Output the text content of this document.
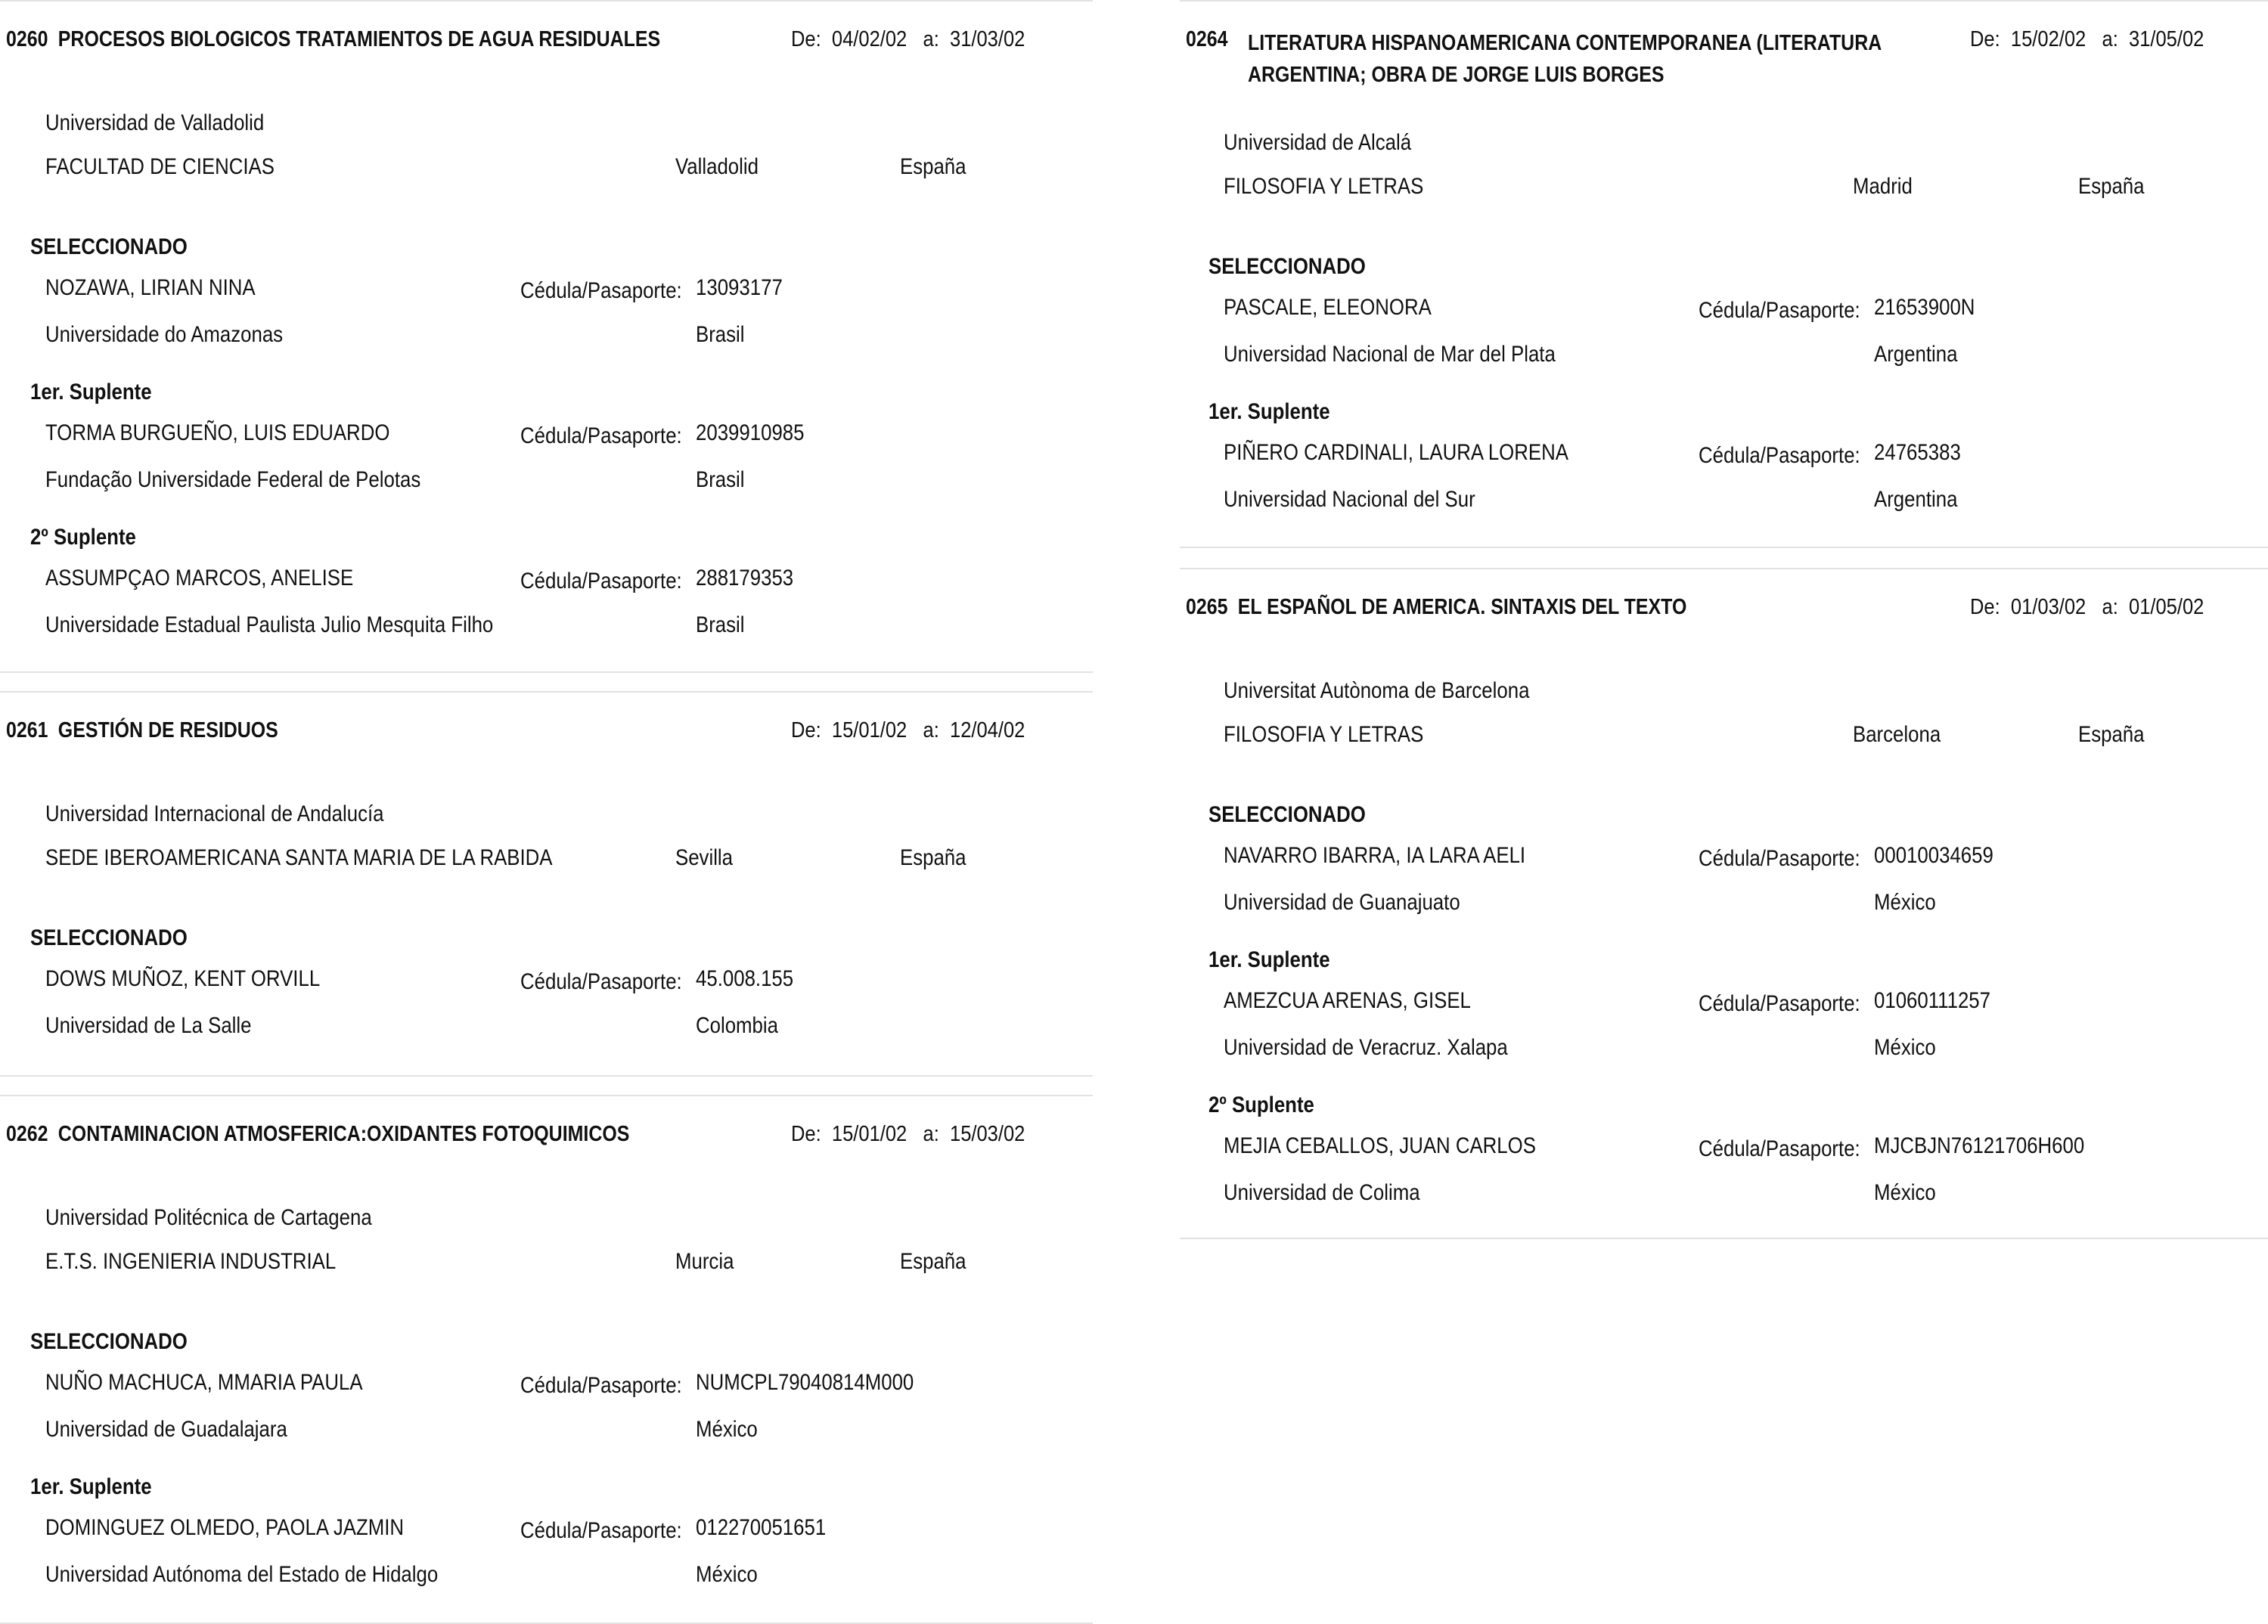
0260 PROCESOS BIOLOGICOS TRATAMIENTOS DE AGUA RESIDUALES	De: 04/02/02 a: 31/03/02
Universidad de Valladolid
FACULTAD DE CIENCIAS	Valladolid	España
SELECCIONADO
NOZAWA, LIRIAN NINA	Cédula/Pasaporte: 13093177
Universidade do Amazonas	Brasil
1er. Suplente
TORMA BURGUEÑO, LUIS EDUARDO	Cédula/Pasaporte: 2039910985
Fundação Universidade Federal de Pelotas	Brasil
2º Suplente
ASSUMPÇAO MARCOS, ANELISE	Cédula/Pasaporte: 288179353
Universidade Estadual Paulista Julio Mesquita Filho	Brasil
0261 GESTIÓN DE RESIDUOS	De: 15/01/02 a: 12/04/02
Universidad Internacional de Andalucía
SEDE IBEROAMERICANA SANTA MARIA DE LA RABIDA	Sevilla	España
SELECCIONADO
DOWS MUÑOZ, KENT ORVILL	Cédula/Pasaporte: 45.008.155
Universidad de La Salle	Colombia
0262 CONTAMINACION ATMOSFERICA:OXIDANTES FOTOQUIMICOS	De: 15/01/02 a: 15/03/02
Universidad Politécnica de Cartagena
E.T.S. INGENIERIA INDUSTRIAL	Murcia	España
SELECCIONADO
NUÑO MACHUCA, MMARIA PAULA	Cédula/Pasaporte: NUMCPL79040814M000
Universidad de Guadalajara	México
1er. Suplente
DOMINGUEZ OLMEDO, PAOLA JAZMIN	Cédula/Pasaporte: 012270051651
Universidad Autónoma del Estado de Hidalgo	México
0264 LITERATURA HISPANOAMERICANA CONTEMPORANEA (LITERATURA
ARGENTINA; OBRA DE JORGE LUIS BORGES
De: 15/02/02 a: 31/05/02
Universidad de Alcalá
FILOSOFIA Y LETRAS	Madrid	España
SELECCIONADO
PASCALE, ELEONORA	Cédula/Pasaporte: 21653900N
Universidad Nacional de Mar del Plata	Argentina
1er. Suplente
PIÑERO CARDINALI, LAURA LORENA	Cédula/Pasaporte: 24765383
Universidad Nacional del Sur	Argentina
0265 EL ESPAÑOL DE AMERICA. SINTAXIS DEL TEXTO	De: 01/03/02 a: 01/05/02
Universitat Autònoma de Barcelona
FILOSOFIA Y LETRAS	Barcelona	España
SELECCIONADO
NAVARRO IBARRA, IA LARA AELI	Cédula/Pasaporte: 00010034659
Universidad de Guanajuato	México
1er. Suplente
AMEZCUA ARENAS, GISEL	Cédula/Pasaporte: 01060111257
Universidad de Veracruz. Xalapa	México
2º Suplente
MEJIA CEBALLOS, JUAN CARLOS	Cédula/Pasaporte: MJCBJN76121706H600
Universidad de Colima	México
